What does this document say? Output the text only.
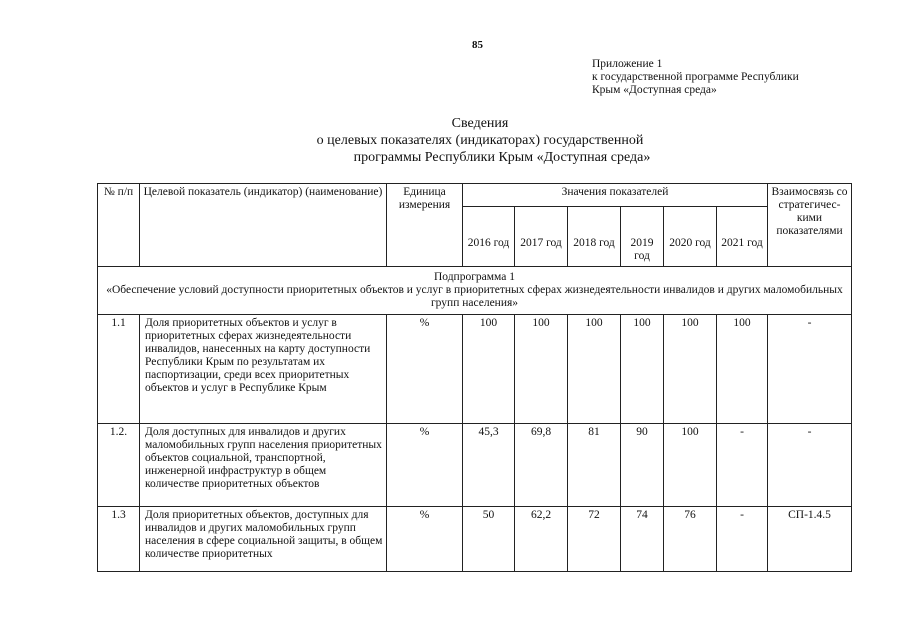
85
Приложение 1
к государственной программе Республики
Крым «Доступная среда»
Сведения
о целевых показателях (индикаторах) государственной
программы Республики Крым «Доступная среда»
№ п/п	Целевой показатель (индикатор) (наименование)	Единица измерения	Значения показателей						Взаимосвязь со стратегичес-кими показателями
			2016 год	2017 год	2018 год	2019 год	2020 год	2021 год	

Подпрограмма 1
«Обеспечение условий доступности приоритетных объектов и услуг в приоритетных сферах жизнедеятельности инвалидов и других маломобильных групп населения»									

1.1	Доля приоритетных объектов и услуг в приоритетных сферах жизнедеятельности инвалидов, нанесенных на карту доступности Республики Крым по результатам их паспортизации, среди всех приоритетных объектов и услуг в Республике Крым	%	100	100	100	100	100	100	-
1.2.	Доля доступных для инвалидов и других маломобильных групп населения приоритетных объектов социальной, транспортной, инженерной инфраструктур в общем количестве приоритетных объектов	%	45,3	69,8	81	90	100	-	-
1.3	Доля приоритетных объектов, доступных для инвалидов и других маломобильных групп населения в сфере социальной защиты, в общем количестве приоритетных	%	50	62,2	72	74	76	-	СП-1.4.5
